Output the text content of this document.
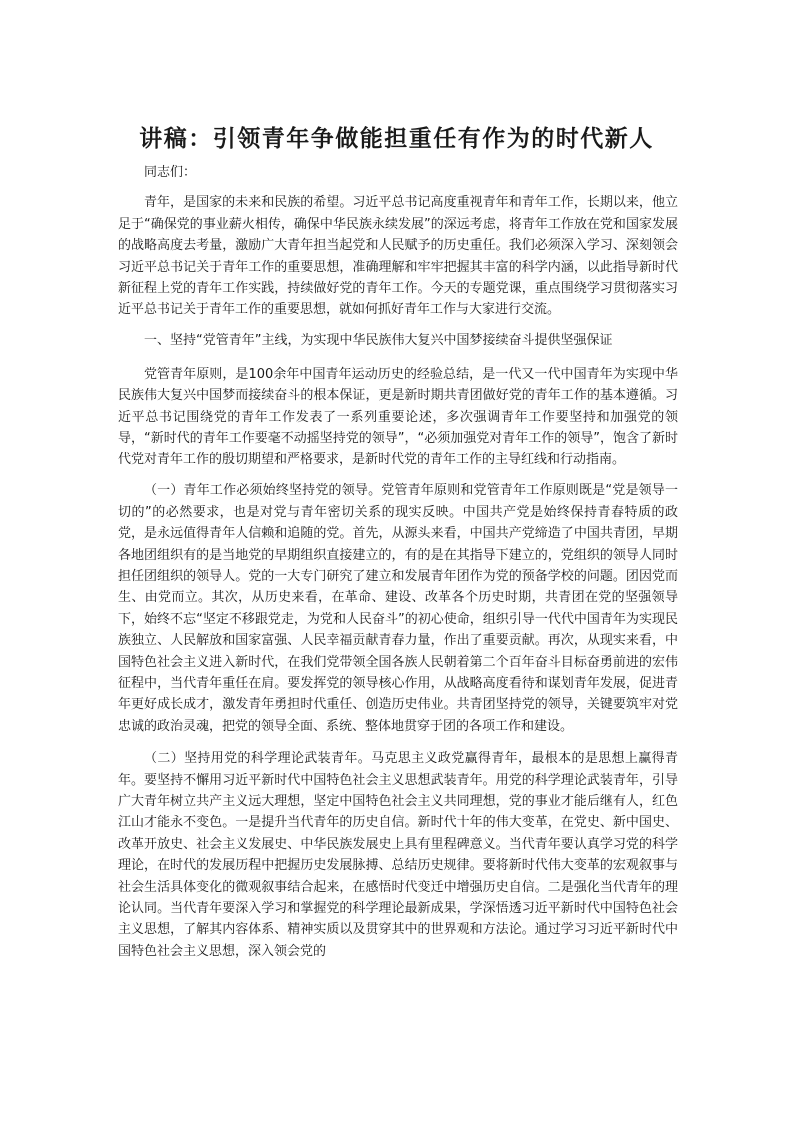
讲稿：引领青年争做能担重任有作为的时代新人

同志们：

青年，是国家的未来和民族的希望。习近平总书记高度重视青年和青年工作，长期以来，他立足于“确保党的事业薪火相传，确保中华民族永续发展”的深远考虑，将青年工作放在党和国家发展的战略高度去考量，激励广大青年担当起党和人民赋予的历史重任。我们必须深入学习、深刻领会习近平总书记关于青年工作的重要思想，准确理解和牢牢把握其丰富的科学内涵，以此指导新时代新征程上党的青年工作实践，持续做好党的青年工作。今天的专题党课，重点围绕学习贯彻落实习近平总书记关于青年工作的重要思想，就如何抓好青年工作与大家进行交流。

一、坚持“党管青年”主线，为实现中华民族伟大复兴中国梦接续奋斗提供坚强保证

党管青年原则，是100余年中国青年运动历史的经验总结，是一代又一代中国青年为实现中华民族伟大复兴中国梦而接续奋斗的根本保证，更是新时期共青团做好党的青年工作的基本遵循。习近平总书记围绕党的青年工作发表了一系列重要论述，多次强调青年工作要坚持和加强党的领导，“新时代的青年工作要毫不动摇坚持党的领导”，“必须加强党对青年工作的领导”，饱含了新时代党对青年工作的殷切期望和严格要求，是新时代党的青年工作的主导红线和行动指南。

（一）青年工作必须始终坚持党的领导。党管青年原则和党管青年工作原则既是“党是领导一切的”的必然要求，也是对党与青年密切关系的现实反映。中国共产党是始终保持青春特质的政党，是永远值得青年人信赖和追随的党。首先，从源头来看，中国共产党缔造了中国共青团，早期各地团组织有的是当地党的早期组织直接建立的，有的是在其指导下建立的，党组织的领导人同时担任团组织的领导人。党的一大专门研究了建立和发展青年团作为党的预备学校的问题。团因党而生、由党而立。其次，从历史来看，在革命、建设、改革各个历史时期，共青团在党的坚强领导下，始终不忘“坚定不移跟党走，为党和人民奋斗”的初心使命，组织引导一代代中国青年为实现民族独立、人民解放和国家富强、人民幸福贡献青春力量，作出了重要贡献。再次，从现实来看，中国特色社会主义进入新时代，在我们党带领全国各族人民朝着第二个百年奋斗目标奋勇前进的宏伟征程中，当代青年重任在肩。要发挥党的领导核心作用，从战略高度看待和谋划青年发展，促进青年更好成长成才，激发青年勇担时代重任、创造历史伟业。共青团坚持党的领导，关键要筑牢对党忠诚的政治灵魂，把党的领导全面、系统、整体地贯穿于团的各项工作和建设。

（二）坚持用党的科学理论武装青年。马克思主义政党赢得青年，最根本的是思想上赢得青年。要坚持不懈用习近平新时代中国特色社会主义思想武装青年。用党的科学理论武装青年，引导广大青年树立共产主义远大理想，坚定中国特色社会主义共同理想，党的事业才能后继有人，红色江山才能永不变色。一是提升当代青年的历史自信。新时代十年的伟大变革，在党史、新中国史、改革开放史、社会主义发展史、中华民族发展史上具有里程碑意义。当代青年要认真学习党的科学理论，在时代的发展历程中把握历史发展脉搏、总结历史规律。要将新时代伟大变革的宏观叙事与社会生活具体变化的微观叙事结合起来，在感悟时代变迁中增强历史自信。二是强化当代青年的理论认同。当代青年要深入学习和掌握党的科学理论最新成果，学深悟透习近平新时代中国特色社会主义思想，了解其内容体系、精神实质以及贯穿其中的世界观和方法论。通过学习习近平新时代中国特色社会主义思想，深入领会党的
